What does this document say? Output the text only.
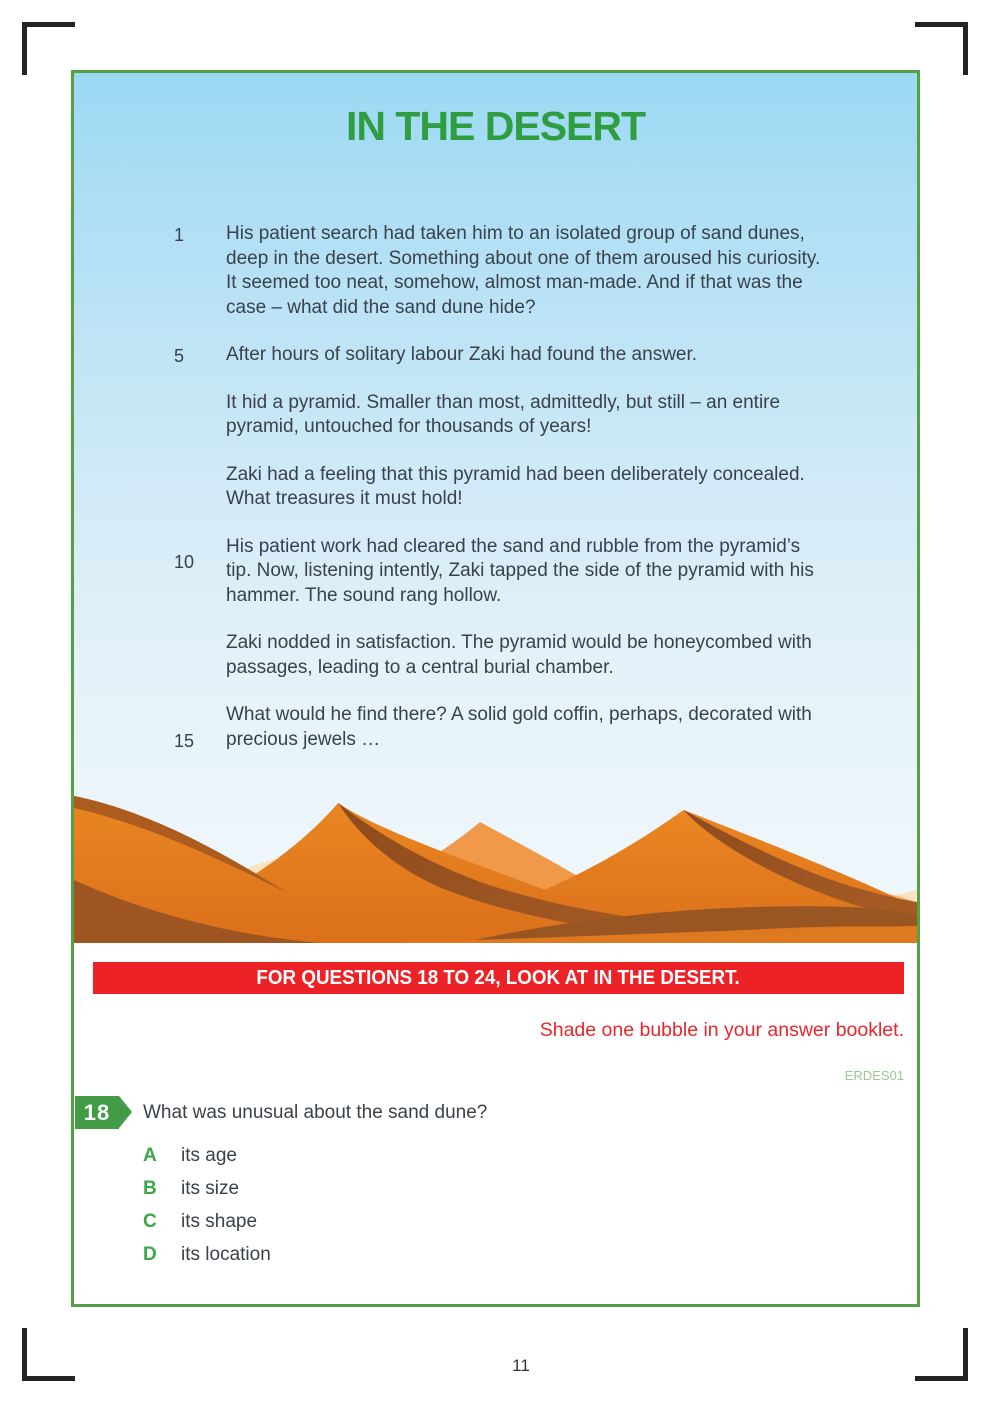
IN THE DESERT
1 His patient search had taken him to an isolated group of sand dunes,
deep in the desert. Something about one of them aroused his curiosity.
It seemed too neat, somehow, almost man-made. And if that was the
case – what did the sand dune hide?
5 After hours of solitary labour Zaki had found the answer.
It hid a pyramid. Smaller than most, admittedly, but still – an entire
pyramid, untouched for thousands of years!
Zaki had a feeling that this pyramid had been deliberately concealed.
What treasures it must hold!
10
His patient work had cleared the sand and rubble from the pyramid’s
tip. Now, listening intently, Zaki tapped the side of the pyramid with his
hammer. The sound rang hollow.
Zaki nodded in satisfaction. The pyramid would be honeycombed with
passages, leading to a central burial chamber.
15
What would he find there? A solid gold coffin, perhaps, decorated with
precious jewels …
FOR QUESTIONS 18 TO 24, LOOK AT IN THE DESERT.
Shade one bubble in your answer booklet.
ERDES01
18	What was unusual about the sand dune?
A	its age
B	its size
C	its shape
D	its location
11
